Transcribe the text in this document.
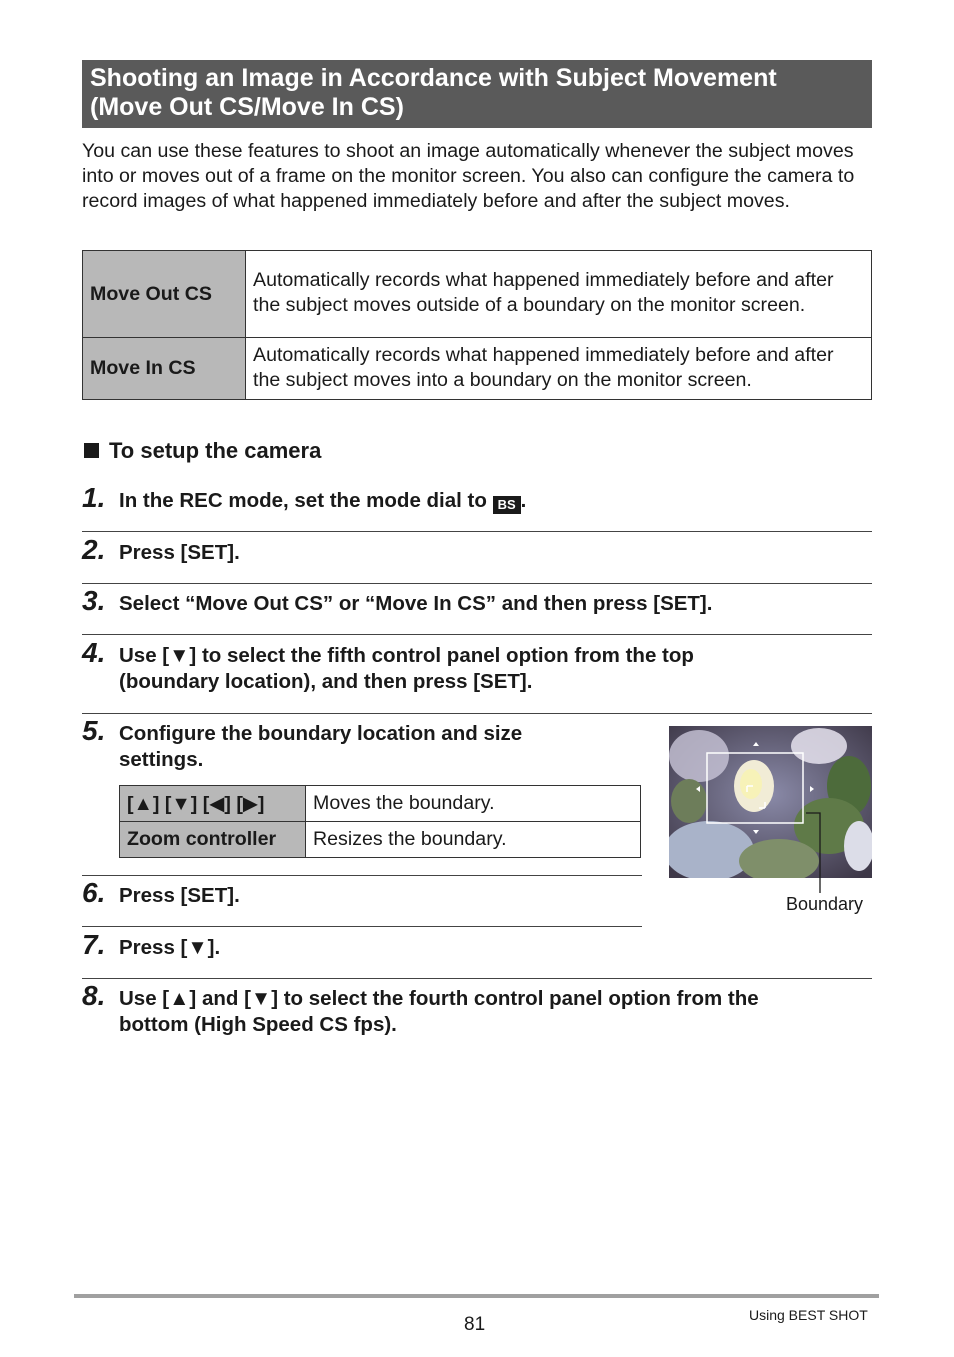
Shooting an Image in Accordance with Subject Movement
(Move Out CS/Move In CS)

You can use these features to shoot an image automatically whenever the subject moves into or moves out of a frame on the monitor screen. You also can configure the camera to record images of what happened immediately before and after the subject moves.

Move Out CS	Automatically records what happened immediately before and after the subject moves outside of a boundary on the monitor screen.
Move In CS	Automatically records what happened immediately before and after the subject moves into a boundary on the monitor screen.
To setup the camera
1. In the REC mode, set the mode dial to BS .
2. Press [SET].
3. Select “Move Out CS” or “Move In CS” and then press [SET].
4. Use [▼] to select the fifth control panel option from the top
(boundary location), and then press [SET].
5. Configure the boundary location and size
settings.
[▲] [▼] [◀] [▶]	Moves the boundary.
Zoom controller	Resizes the boundary.
Boundary
6. Press [SET].
7. Press [▼].
8. Use [▲] and [▼] to select the fourth control panel option from the
bottom (High Speed CS fps).
81	Using BEST SHOT
